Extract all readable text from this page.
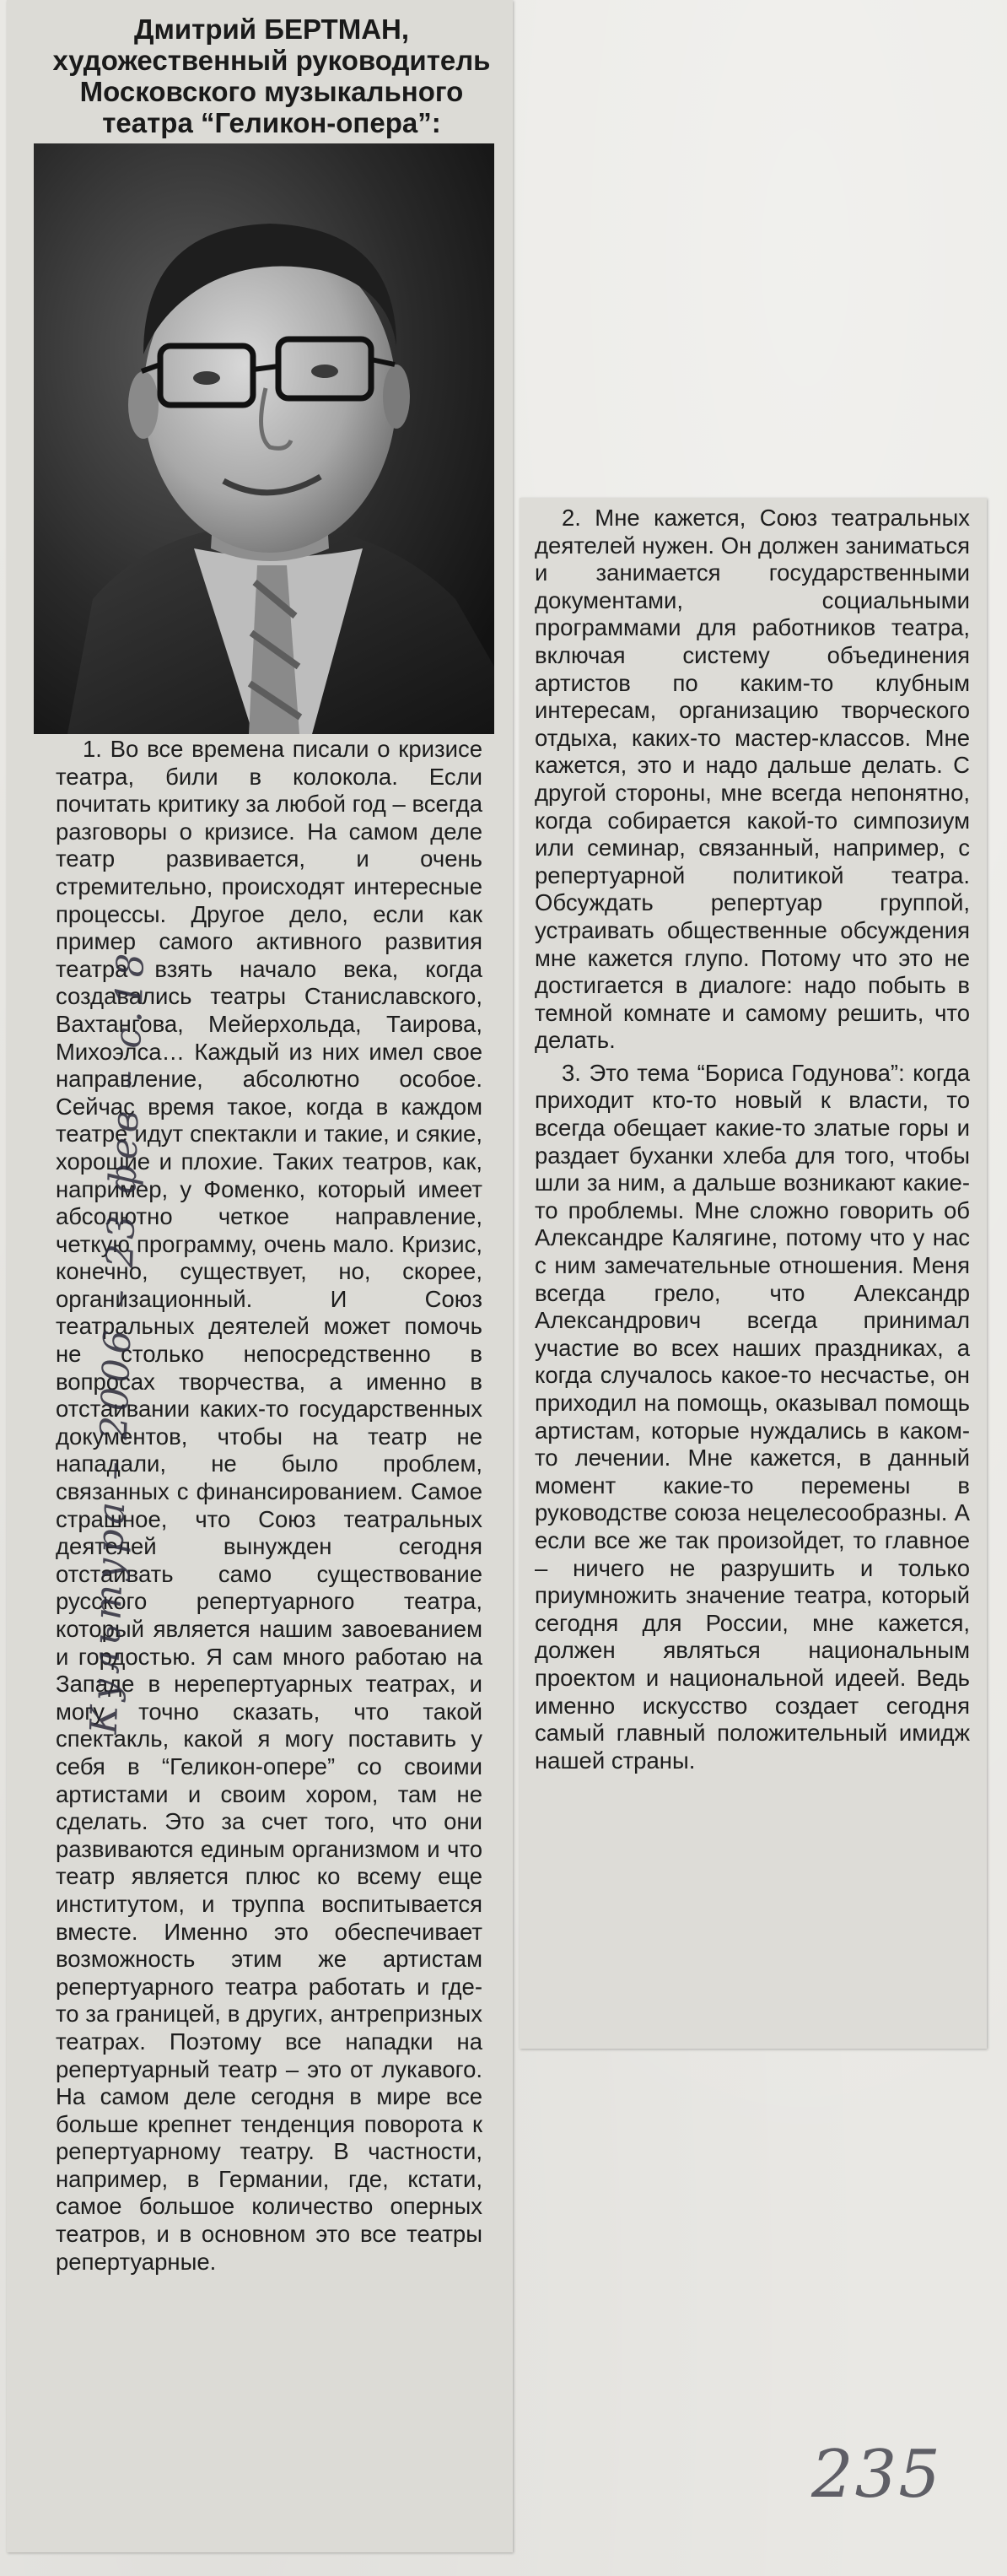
Дмитрий БЕРТМАН, художественный руководитель Московского музыкального театра “Геликон-опера”:

1. Во все времена писали о кризисе театра, били в колокола. Если почитать критику за любой год – всегда разговоры о кризисе. На самом деле театр развивается, и очень стремительно, происходят интересные процессы. Другое дело, если как пример самого активного развития театра взять начало века, когда создавались театры Станиславского, Вахтангова, Мейерхольда, Таирова, Михоэлса… Каждый из них имел свое направление, абсолютно особое. Сейчас время такое, когда в каждом театре идут спектакли и такие, и сякие, хорошие и плохие. Таких театров, как, например, у Фоменко, который имеет абсолютно четкое направление, четкую программу, очень мало. Кризис, конечно, существует, но, скорее, организационный. И Союз театральных деятелей может помочь не столько непосредственно в вопросах творчества, а именно в отстаивании каких-то государственных документов, чтобы на театр не нападали, не было проблем, связанных с финансированием. Самое страшное, что Союз театральных деятелей вынужден сегодня отстаивать само существование русского репертуарного театра, который является нашим завоеванием и гордостью. Я сам много работаю на Западе в нерепертуарных театрах, и могу точно сказать, что такой спектакль, какой я могу поставить у себя в “Геликон-опере” со своими артистами и своим хором, там не сделать. Это за счет того, что они развиваются единым организмом и что театр является плюс ко всему еще институтом, и труппа воспитывается вместе. Именно это обеспечивает возможность этим же артистам репертуарного театра работать и где-то за границей, в других, антрепризных театрах. Поэтому все нападки на репертуарный театр – это от лукавого. На самом деле сегодня в мире все больше крепнет тенденция поворота к репертуарному театру. В частности, например, в Германии, где, кстати, самое большое количество оперных театров, и в основном это все театры репертуарные.

2. Мне кажется, Союз театральных деятелей нужен. Он должен заниматься и занимается государственными документами, социальными программами для работников театра, включая систему объединения артистов по каким-то клубным интересам, организацию творческого отдыха, каких-то мастер-классов. Мне кажется, это и надо дальше делать. С другой стороны, мне всегда непонятно, когда собирается какой-то симпозиум или семинар, связанный, например, с репертуарной политикой театра. Обсуждать репертуар группой, устраивать общественные обсуждения мне кажется глупо. Потому что это не достигается в диалоге: надо побыть в темной комнате и самому решить, что делать.

3. Это тема “Бориса Годунова”: когда приходит кто-то новый к власти, то всегда обещает какие-то златые горы и раздает буханки хлеба для того, чтобы шли за ним, а дальше возникают какие-то проблемы. Мне сложно говорить об Александре Калягине, потому что у нас с ним замечательные отношения. Меня всегда грело, что Александр Александрович всегда принимал участие во всех наших праздниках, а когда случалось какое-то несчастье, он приходил на помощь, оказывал помощь артистам, которые нуждались в каком-то лечении. Мне кажется, в данный момент какие-то перемены в руководстве союза нецелесообразны. А если все же так произойдет, то главное – ничего не разрушить и только приумножить значение театра, который сегодня для России, мне кажется, должен являться национальным проектом и национальной идеей. Ведь именно искусство создает сегодня самый главный положительный имидж нашей страны.

Культура – 2006 – 23 фев – с.18
235
